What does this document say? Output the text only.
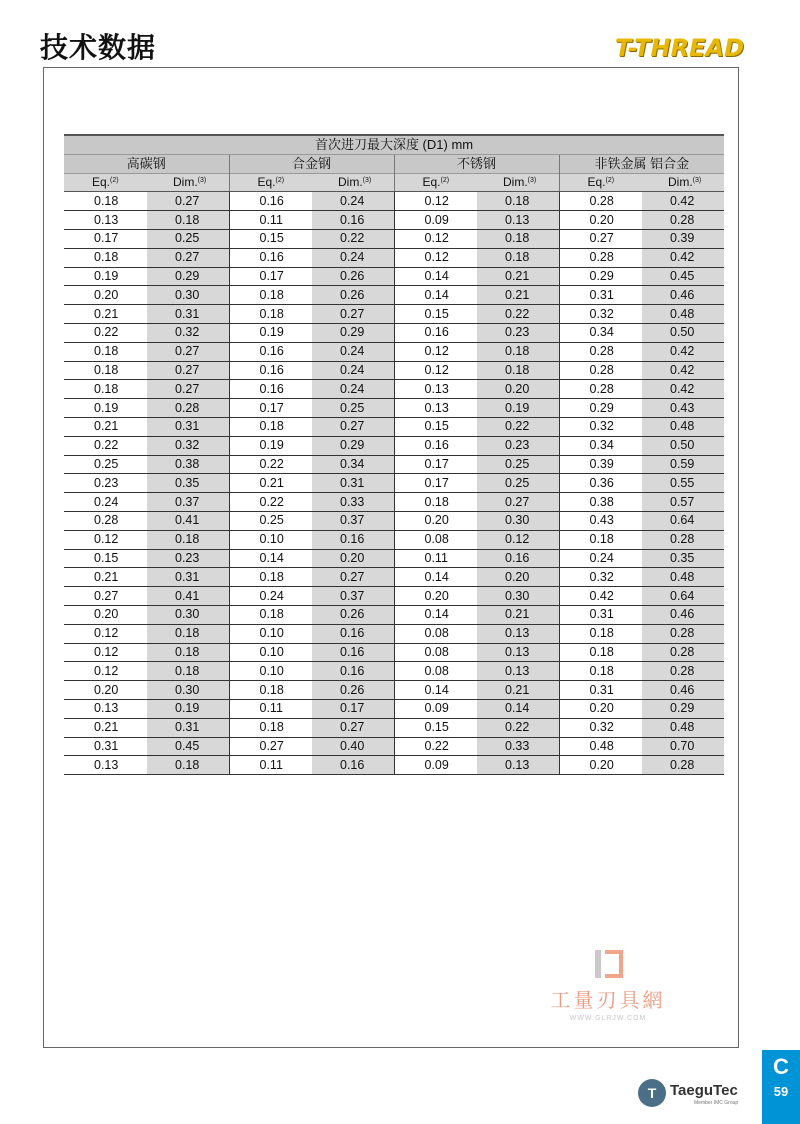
技术数据	T-THREAD
首次进刀最大深度 (D1) mm							
高碳钢		合金钢		不锈钢		非铁金属 铝合金	
Eq.$^{(2)}$	Dim.$^{(3)}$	Eq.$^{(2)}$	Dim.$^{(3)}$	Eq.$^{(2)}$	Dim.$^{(3)}$	Eq.$^{(2)}$	Dim.$^{(3)}$
0.18	0.27	0.16	0.24	0.12	0.18	0.28	0.42
0.13	0.18	0.11	0.16	0.09	0.13	0.20	0.28
0.17	0.25	0.15	0.22	0.12	0.18	0.27	0.39
0.18	0.27	0.16	0.24	0.12	0.18	0.28	0.42
0.19	0.29	0.17	0.26	0.14	0.21	0.29	0.45
0.20	0.30	0.18	0.26	0.14	0.21	0.31	0.46
0.21	0.31	0.18	0.27	0.15	0.22	0.32	0.48
0.22	0.32	0.19	0.29	0.16	0.23	0.34	0.50
0.18	0.27	0.16	0.24	0.12	0.18	0.28	0.42
0.18	0.27	0.16	0.24	0.12	0.18	0.28	0.42
0.18	0.27	0.16	0.24	0.13	0.20	0.28	0.42
0.19	0.28	0.17	0.25	0.13	0.19	0.29	0.43
0.21	0.31	0.18	0.27	0.15	0.22	0.32	0.48
0.22	0.32	0.19	0.29	0.16	0.23	0.34	0.50
0.25	0.38	0.22	0.34	0.17	0.25	0.39	0.59
0.23	0.35	0.21	0.31	0.17	0.25	0.36	0.55
0.24	0.37	0.22	0.33	0.18	0.27	0.38	0.57
0.28	0.41	0.25	0.37	0.20	0.30	0.43	0.64
0.12	0.18	0.10	0.16	0.08	0.12	0.18	0.28
0.15	0.23	0.14	0.20	0.11	0.16	0.24	0.35
0.21	0.31	0.18	0.27	0.14	0.20	0.32	0.48
0.27	0.41	0.24	0.37	0.20	0.30	0.42	0.64
0.20	0.30	0.18	0.26	0.14	0.21	0.31	0.46
0.12	0.18	0.10	0.16	0.08	0.13	0.18	0.28
0.12	0.18	0.10	0.16	0.08	0.13	0.18	0.28
0.12	0.18	0.10	0.16	0.08	0.13	0.18	0.28
0.20	0.30	0.18	0.26	0.14	0.21	0.31	0.46
0.13	0.19	0.11	0.17	0.09	0.14	0.20	0.29
0.21	0.31	0.18	0.27	0.15	0.22	0.32	0.48
0.31	0.45	0.27	0.40	0.22	0.33	0.48	0.70
0.13	0.18	0.11	0.16	0.09	0.13	0.20	0.28
工量刃具網
WWW.GLRJW.COM
T TaeguTec
Member IMC Group
C
59
